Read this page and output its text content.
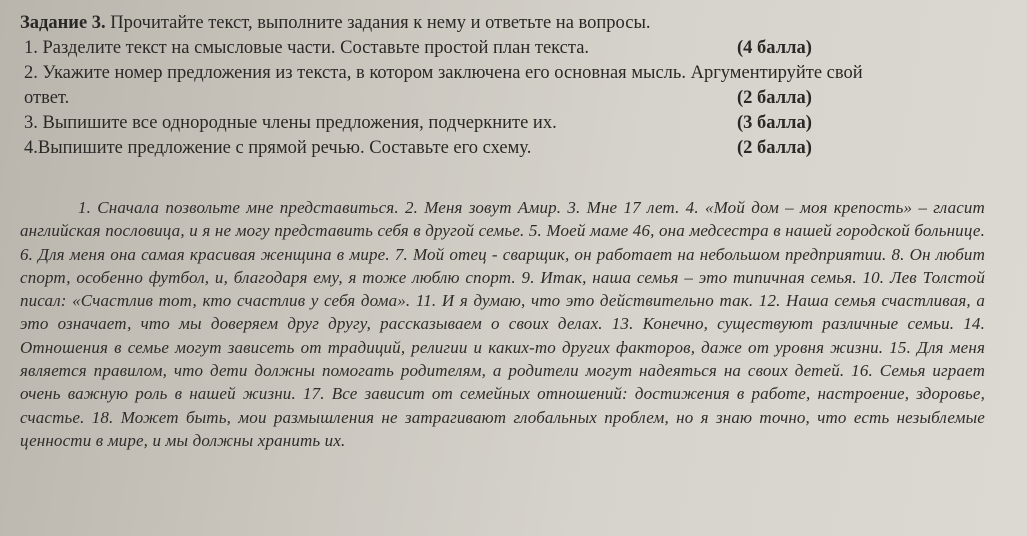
Задание 3. Прочитайте текст, выполните задания к нему и ответьте на вопросы.
1. Разделите текст на смысловые части. Составьте простой план текста.	(4 балла)
2. Укажите номер предложения из текста, в котором заключена его основная мысль. Аргументируйте свой
ответ.	(2 балла)
3. Выпишите все однородные члены предложения, подчеркните их.	(3 балла)
4.Выпишите предложение с прямой речью. Составьте его схему.	(2 балла)
1. Сначала позвольте мне представиться. 2. Меня зовут Амир. 3. Мне 17 лет. 4. «Мой дом – моя крепость» – гласит английская пословица, и я не могу представить себя в другой семье. 5. Моей маме 46, она медсестра в нашей городской больнице. 6. Для меня она самая красивая женщина в мире. 7. Мой отец - сварщик, он работает на небольшом предприятии. 8. Он любит спорт, особенно футбол, и, благодаря ему, я тоже люблю спорт. 9. Итак, наша семья – это типичная семья. 10. Лев Толстой писал: «Счастлив тот, кто счастлив у себя дома». 11. И я думаю, что это действительно так. 12. Наша семья счастливая, а это означает, что мы доверяем друг другу, рассказываем о своих делах. 13. Конечно, существуют различные семьи. 14. Отношения в семье могут зависеть от традиций, религии и каких-то других факторов, даже от уровня жизни. 15. Для меня является правилом, что дети должны помогать родителям, а родители могут надеяться на своих детей. 16. Семья играет очень важную роль в нашей жизни. 17. Все зависит от семейных отношений: достижения в работе, настроение, здоровье, счастье. 18. Может быть, мои размышления не затрагивают глобальных проблем, но я знаю точно, что есть незыблемые ценности в мире, и мы должны хранить их.
